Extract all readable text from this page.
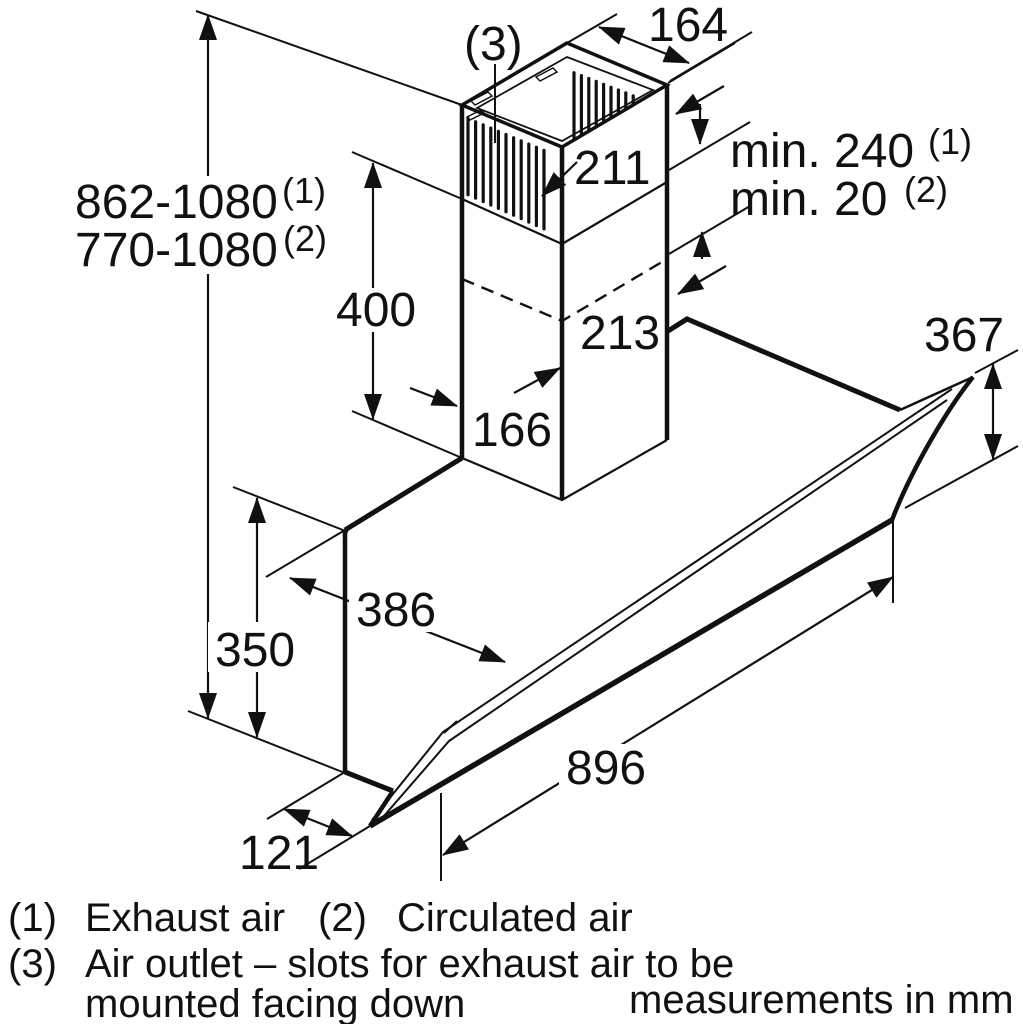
862-1080 (1)
770-1080 (2)
400
(3)	164
211 min. 240 (1)
min. 20 (2)
213
166
367
386
350
896
121
(1) Exhaust air (2) Circulated air
(3) Air outlet – slots for exhaust air to be
mounted facing down	measurements in mm
